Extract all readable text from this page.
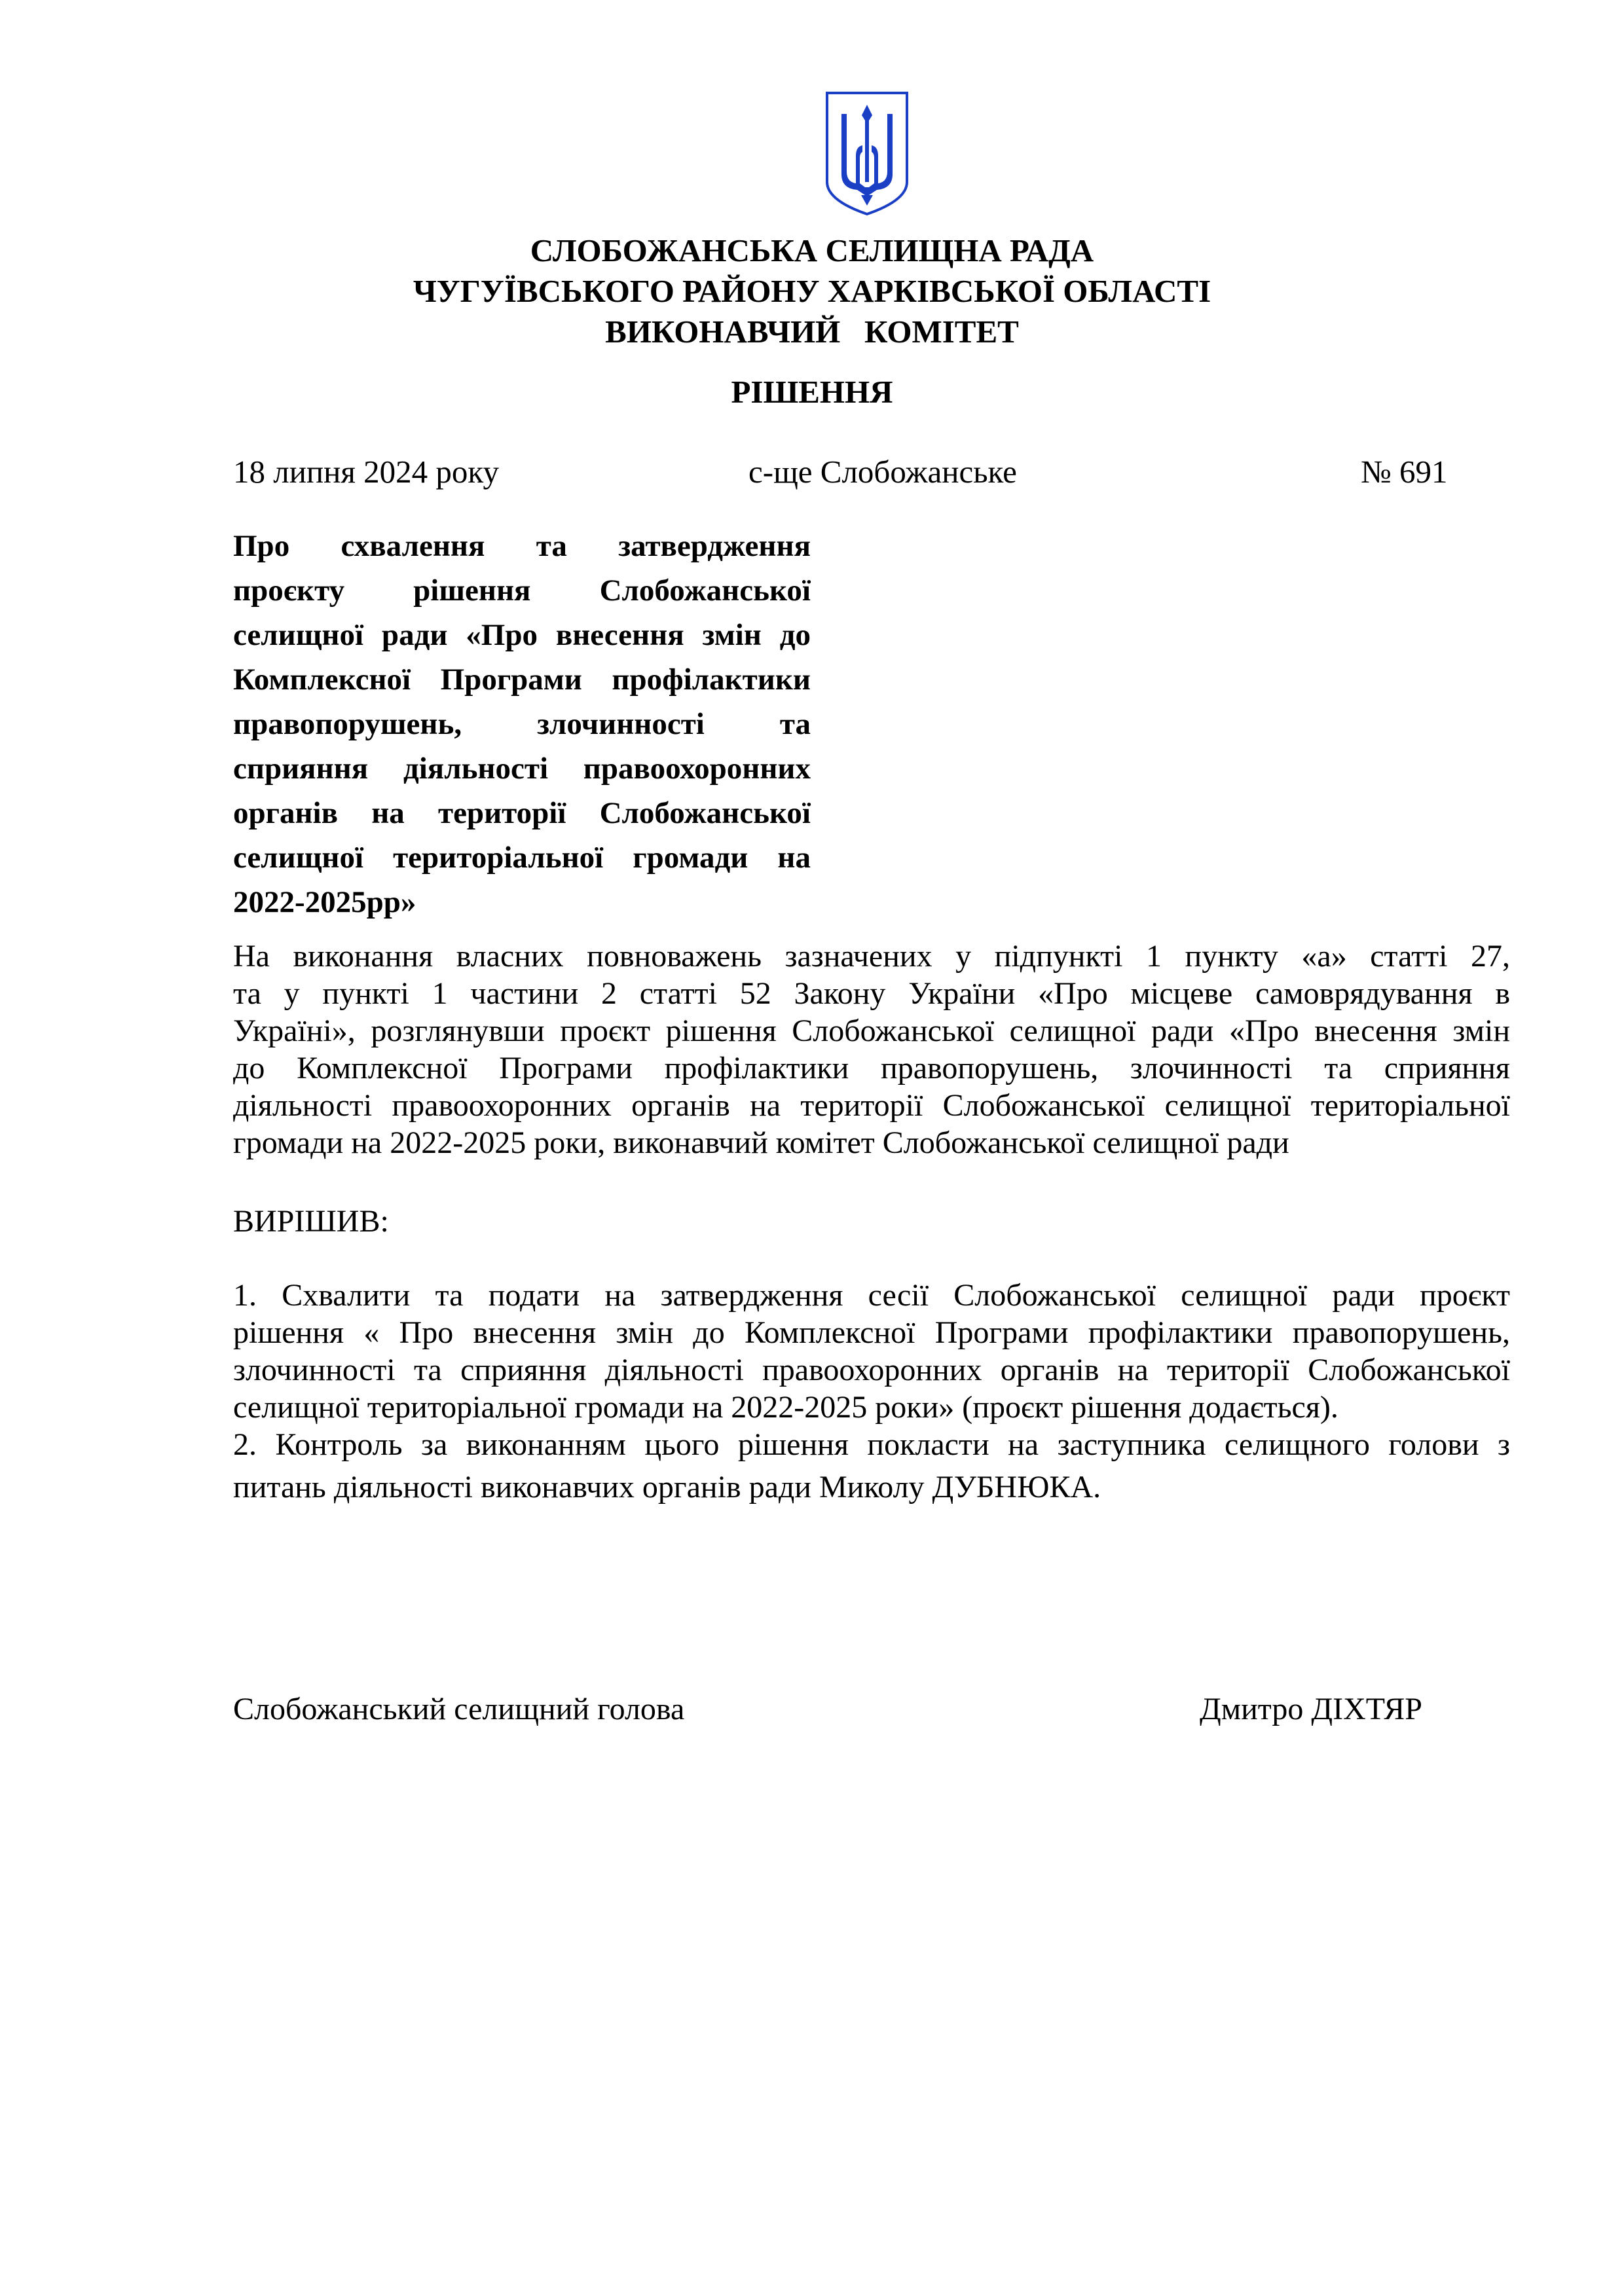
СЛОБОЖАНСЬКА СЕЛИЩНА РАДА
ЧУГУЇВСЬКОГО РАЙОНУ ХАРКІВСЬКОЇ ОБЛАСТІ
ВИКОНАВЧИЙ   КОМІТЕТ
РІШЕННЯ
18 липня 2024 року	с-ще Слобожанське	№ 691
Про схвалення та затвердження
проєкту рішення Слобожанської
селищної ради «Про внесення змін до
Комплексної Програми профілактики
правопорушень, злочинності та
сприяння діяльності правоохоронних
органів на території Слобожанської
селищної територіальної громади на
2022-2025рр»
На виконання власних повноважень зазначених у підпункті 1 пункту «а» статті 27,
та у пункті 1 частини 2 статті 52 Закону України «Про місцеве самоврядування в
Україні», розглянувши проєкт рішення Слобожанської селищної ради «Про внесення змін
до Комплексної Програми профілактики правопорушень, злочинності та сприяння
діяльності правоохоронних органів на території Слобожанської селищної територіальної
громади на 2022-2025 роки, виконавчий комітет Слобожанської селищної ради
ВИРІШИВ:
1. Схвалити та подати на затвердження сесії Слобожанської селищної ради проєкт
рішення « Про внесення змін до Комплексної Програми профілактики правопорушень,
злочинності та сприяння діяльності правоохоронних органів на території Слобожанської
селищної територіальної громади на 2022-2025 роки» (проєкт рішення додається).
2. Контроль за виконанням цього рішення покласти на заступника селищного голови з
питань діяльності виконавчих органів ради Миколу ДУБНЮКА.
Слобожанський селищний голова	Дмитро ДІХТЯР
